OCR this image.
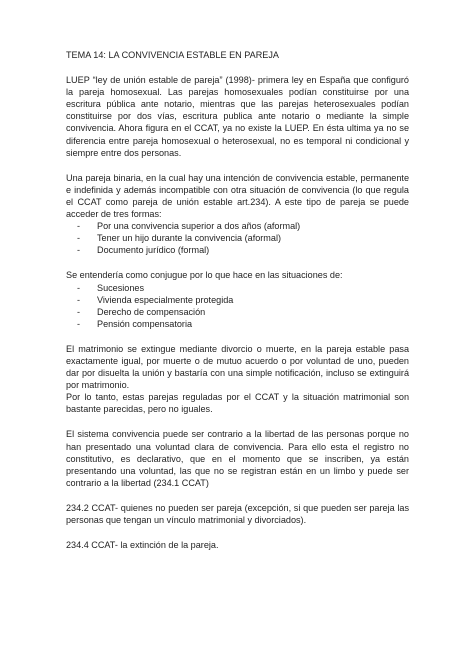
TEMA 14: LA CONVIVENCIA ESTABLE EN PAREJA

LUEP “ley de unión estable de pareja” (1998)- primera ley en España que configuró la pareja homosexual. Las parejas homosexuales podían constituirse por una escritura pública ante notario, mientras que las parejas heterosexuales podían constituirse por dos vías, escritura publica ante notario o mediante la simple convivencia. Ahora figura en el CCAT, ya no existe la LUEP. En ésta ultima ya no se diferencia entre pareja homosexual o heterosexual, no es temporal ni condicional y siempre entre dos personas.

Una pareja binaria, en la cual hay una intención de convivencia estable, permanente e indefinida y además incompatible con otra situación de convivencia (lo que regula el CCAT como pareja de unión estable art.234). A este tipo de pareja se puede acceder de tres formas:

- Por una convivencia superior a dos años (aformal)
- Tener un hijo durante la convivencia (aformal)
- Documento jurídico (formal)

Se entendería como conjugue por lo que hace en las situaciones de:

- Sucesiones
- Vivienda especialmente protegida
- Derecho de compensación
- Pensión compensatoria

El matrimonio se extingue mediante divorcio o muerte, en la pareja estable pasa exactamente igual, por muerte o de mutuo acuerdo o por voluntad de uno, pueden dar por disuelta la unión y bastaría con una simple notificación, incluso se extinguirá por matrimonio.

Por lo tanto, estas parejas reguladas por el CCAT y la situación matrimonial son bastante parecidas, pero no iguales.

El sistema convivencia puede ser contrario a la libertad de las personas porque no han presentado una voluntad clara de convivencia. Para ello esta el registro no constitutivo, es declarativo, que en el momento que se inscriben, ya están presentando una voluntad, las que no se registran están en un limbo y puede ser contrario a la libertad (234.1 CCAT)

234.2 CCAT- quienes no pueden ser pareja (excepción, si que pueden ser pareja las personas que tengan un vínculo matrimonial y divorciados).

234.4 CCAT- la extinción de la pareja.
